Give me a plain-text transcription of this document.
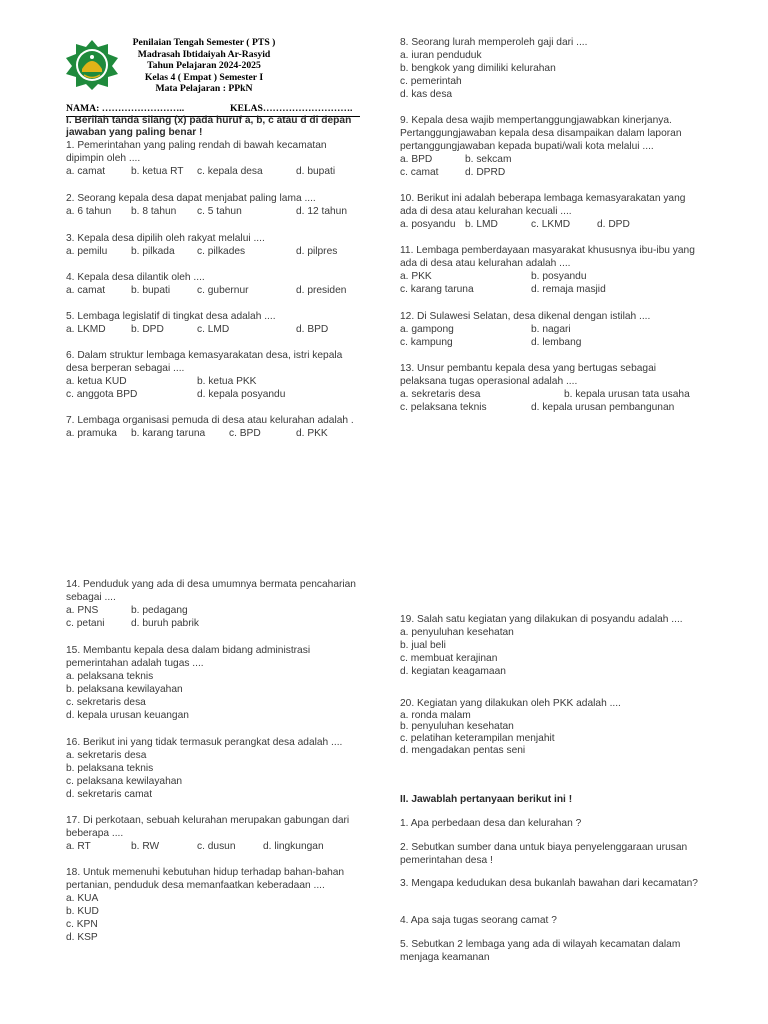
Penilaian Tengah Semester ( PTS )
Madrasah Ibtidaiyah Ar-Rasyid
Tahun Pelajaran 2024-2025
Kelas 4 ( Empat ) Semester I
Mata Pelajaran : PPkN
NAMA: ……………………..	KELAS……………………….
I. Berilah tanda silang (x) pada huruf a, b, c atau d di depan jawaban yang paling benar !
1. Pemerintahan yang paling rendah di bawah kecamatan dipimpin oleh ....
a. camat	b. ketua RT c. kepala desa	d. bupati
2. Seorang kepala desa dapat menjabat paling lama ....
a. 6 tahun b. 8 tahun c. 5 tahun	d. 12 tahun
3. Kepala desa dipilih oleh rakyat melalui ....
a. pemilu b. pilkada c. pilkades	d. pilpres
4. Kepala desa dilantik oleh ....
a. camat	b. bupati	c. gubernur	d. presiden
5. Lembaga legislatif di tingkat desa adalah ....
a. LKMD b. DPD	c. LMD	d. BPD
6. Dalam struktur lembaga kemasyarakatan desa, istri kepala desa berperan sebagai ....
a. ketua KUD	b. ketua PKK
c. anggota BPD	d. kepala posyandu
7. Lembaga organisasi pemuda di desa atau kelurahan adalah .
a. pramuka b. karang taruna c. BPD	d. PKK
8. Seorang lurah memperoleh gaji dari ....
a. iuran penduduk
b. bengkok yang dimiliki kelurahan
c. pemerintah
d. kas desa
9. Kepala desa wajib mempertanggungjawabkan kinerjanya. Pertanggungjawaban kepala desa disampaikan dalam laporan pertanggungjawaban kepada bupati/wali kota melalui ....
a. BPD	b. sekcam
c. camat	d. DPRD
10. Berikut ini adalah beberapa lembaga kemasyarakatan yang ada di desa atau kelurahan kecuali ....
a. posyandu b. LMD	c. LKMD	d. DPD
11. Lembaga pemberdayaan masyarakat khususnya ibu-ibu yang ada di desa atau kelurahan adalah ....
a. PKK	b. posyandu
c. karang taruna	d. remaja masjid
12. Di Sulawesi Selatan, desa dikenal dengan istilah ....
a. gampong	b. nagari
c. kampung	d. lembang
13. Unsur pembantu kepala desa yang bertugas sebagai pelaksana tugas operasional adalah ....
a. sekretaris desa	b. kepala urusan tata usaha
c. pelaksana teknis	d. kepala urusan pembangunan
14. Penduduk yang ada di desa umumnya bermata pencaharian sebagai ....
a. PNS	b. pedagang
c. petani	d. buruh pabrik
15. Membantu kepala desa dalam bidang administrasi pemerintahan adalah tugas ....
a. pelaksana teknis
b. pelaksana kewilayahan
c. sekretaris desa
d. kepala urusan keuangan
16. Berikut ini yang tidak termasuk perangkat desa adalah ....
a. sekretaris desa
b. pelaksana teknis
c. pelaksana kewilayahan
d. sekretaris camat
17. Di perkotaan, sebuah kelurahan merupakan gabungan dari beberapa ....
a. RT	b. RW	c. dusun	d. lingkungan
18. Untuk memenuhi kebutuhan hidup terhadap bahan-bahan pertanian, penduduk desa memanfaatkan keberadaan ....
a. KUA
b. KUD
c. KPN
d. KSP
19. Salah satu kegiatan yang dilakukan di posyandu adalah ....
a. penyuluhan kesehatan
b. jual beli
c. membuat kerajinan
d. kegiatan keagamaan
20. Kegiatan yang dilakukan oleh PKK adalah ....
a. ronda malam
b. penyuluhan kesehatan
c. pelatihan keterampilan menjahit
d. mengadakan pentas seni
II. Jawablah pertanyaan berikut ini !
1. Apa perbedaan desa dan kelurahan ?
2. Sebutkan sumber dana untuk biaya penyelenggaraan urusan pemerintahan desa !
3. Mengapa kedudukan desa bukanlah bawahan dari kecamatan?
4. Apa saja tugas seorang camat ?
5. Sebutkan 2 lembaga yang ada di wilayah kecamatan dalam menjaga keamanan
